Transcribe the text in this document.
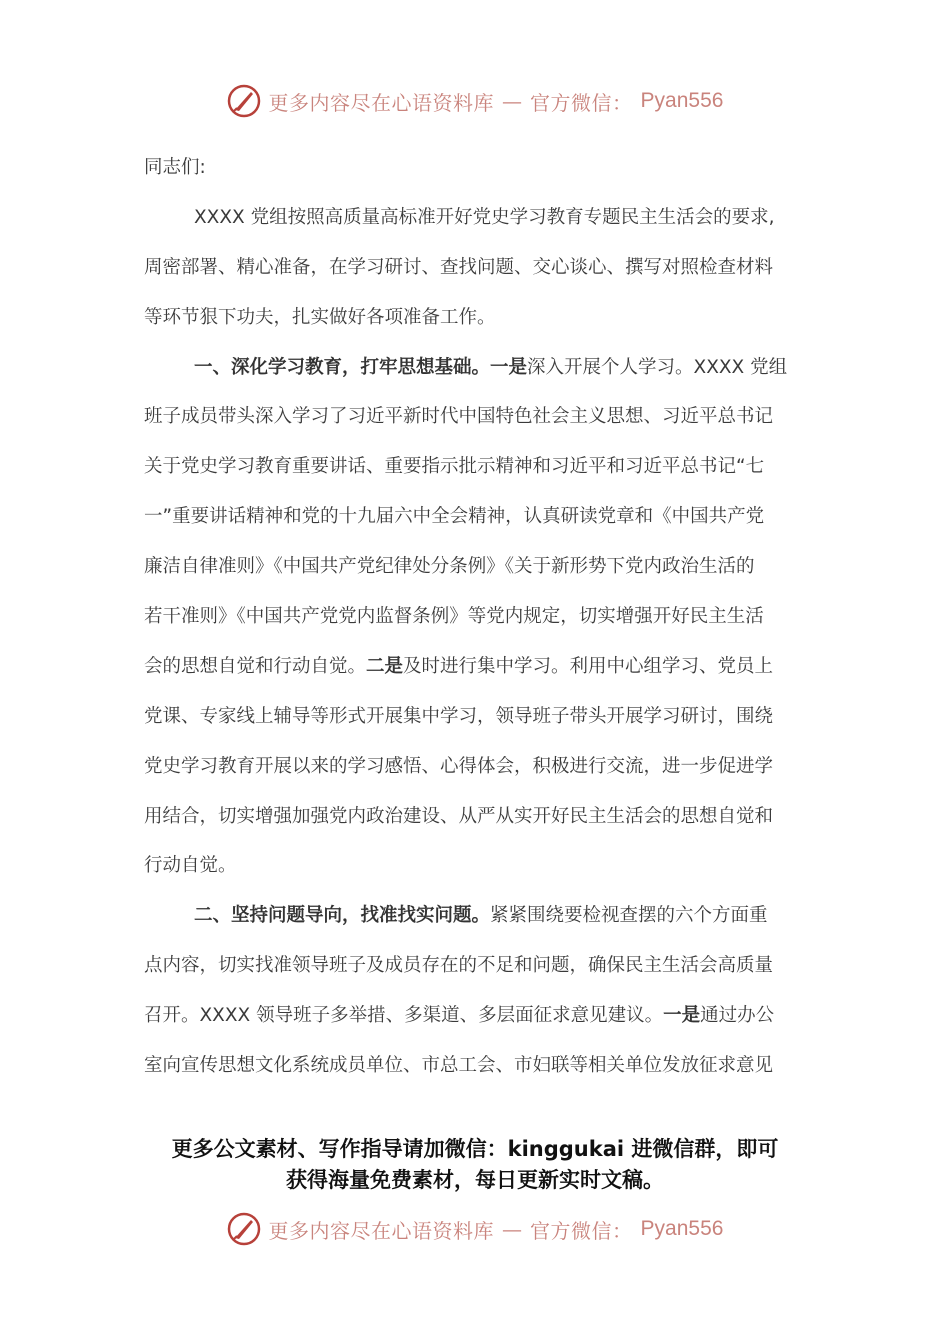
更多内容尽在心语资料库 — 官方微信： Pyan556
同志们:
XXXX 党组按照高质量高标准开好党史学习教育专题民主生活会的要求,
周密部署、精心准备，在学习研讨、查找问题、交心谈心、撰写对照检查材料
等环节狠下功夫，扎实做好各项准备工作。
一、深化学习教育，打牢思想基础。一是深入开展个人学习。XXXX 党组
班子成员带头深入学习了习近平新时代中国特色社会主义思想、习近平总书记
关于党史学习教育重要讲话、重要指示批示精神和习近平和习近平总书记“七
一”重要讲话精神和党的十九届六中全会精神，认真研读党章和《中国共产党
廉洁自律准则》《中国共产党纪律处分条例》《关于新形势下党内政治生活的
若干准则》《中国共产党党内监督条例》等党内规定，切实增强开好民主生活
会的思想自觉和行动自觉。二是及时进行集中学习。利用中心组学习、党员上
党课、专家线上辅导等形式开展集中学习，领导班子带头开展学习研讨，围绕
党史学习教育开展以来的学习感悟、心得体会，积极进行交流，进一步促进学
用结合，切实增强加强党内政治建设、从严从实开好民主生活会的思想自觉和
行动自觉。
二、坚持问题导向，找准找实问题。紧紧围绕要检视查摆的六个方面重
点内容，切实找准领导班子及成员存在的不足和问题，确保民主生活会高质量
召开。XXXX 领导班子多举措、多渠道、多层面征求意见建议。一是通过办公
室向宣传思想文化系统成员单位、市总工会、市妇联等相关单位发放征求意见
更多公文素材、写作指导请加微信：kinggukai 进微信群，即可
获得海量免费素材，每日更新实时文稿。
更多内容尽在心语资料库 — 官方微信： Pyan556
